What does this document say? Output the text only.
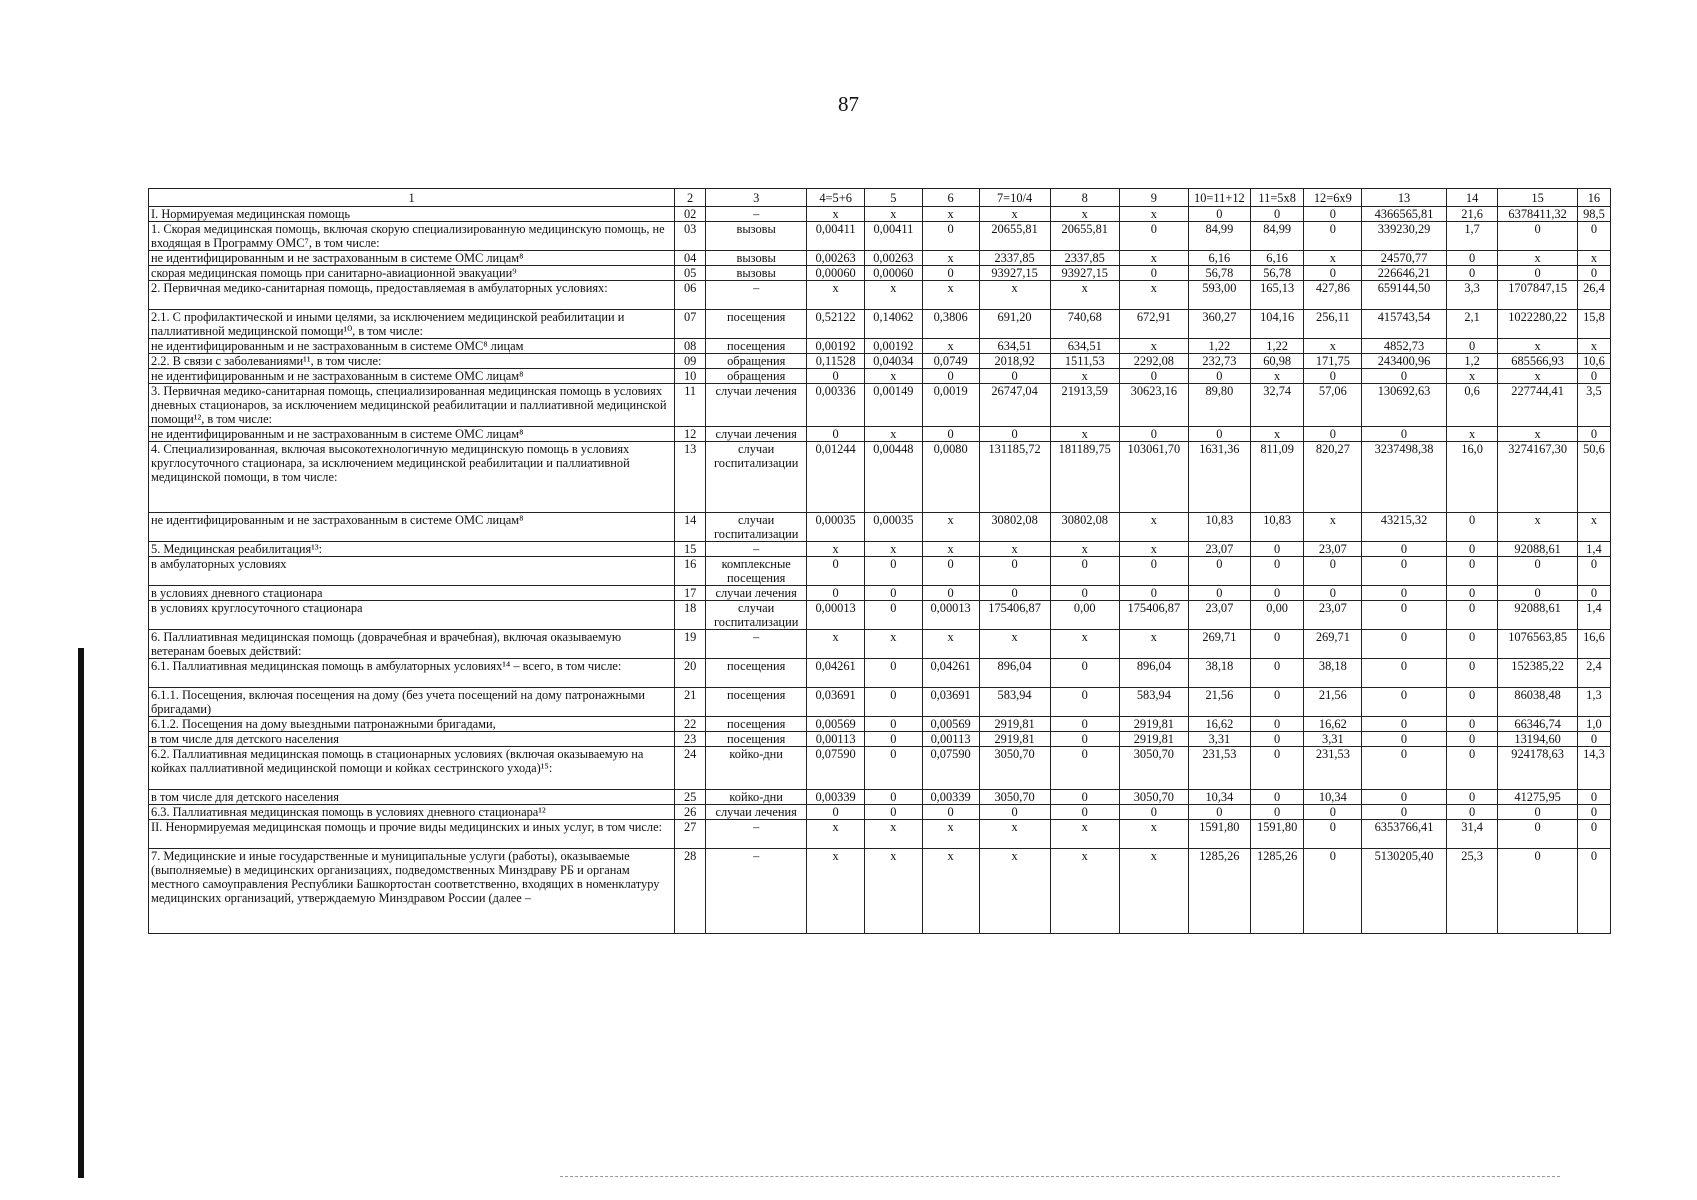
87
1	2	3	4=5+6	5	6	7=10/4	8	9	10=11+12	11=5x8	12=6x9	13	14	15	16
I. Нормируемая медицинская помощь	02	–	x	x	x	x	x	x	0	0	0	4366565,81	21,6	6378411,32	98,5
1. Скорая медицинская помощь, включая скорую специализированную медицинскую помощь, не входящая в Программу ОМС⁷, в том числе:	03	вызовы	0,00411	0,00411	0	20655,81	20655,81	0	84,99	84,99	0	339230,29	1,7	0	0
не идентифицированным и не застрахованным в системе ОМС лицам⁸	04	вызовы	0,00263	0,00263	x	2337,85	2337,85	x	6,16	6,16	x	24570,77	0	x	x
скорая медицинская помощь при санитарно-авиационной эвакуации⁹	05	вызовы	0,00060	0,00060	0	93927,15	93927,15	0	56,78	56,78	0	226646,21	0	0	0
2. Первичная медико-санитарная помощь, предоставляемая в амбулаторных условиях:	06	–	x	x	x	x	x	x	593,00	165,13	427,86	659144,50	3,3	1707847,15	26,4
2.1. С профилактической и иными целями, за исключением медицинской реабилитации и паллиативной медицинской помощи¹⁰, в том числе:	07	посещения	0,52122	0,14062	0,3806	691,20	740,68	672,91	360,27	104,16	256,11	415743,54	2,1	1022280,22	15,8
не идентифицированным и не застрахованным в системе ОМС⁸ лицам	08	посещения	0,00192	0,00192	x	634,51	634,51	x	1,22	1,22	x	4852,73	0	x	x
2.2. В связи с заболеваниями¹¹, в том числе:	09	обращения	0,11528	0,04034	0,0749	2018,92	1511,53	2292,08	232,73	60,98	171,75	243400,96	1,2	685566,93	10,6
не идентифицированным и не застрахованным в системе ОМС лицам⁸	10	обращения	0	x	0	0	x	0	0	x	0	0	x	x	0
3. Первичная медико-санитарная помощь, специализированная медицинская помощь в условиях дневных стационаров, за исключением медицинской реабилитации и паллиативной медицинской помощи¹², в том числе:	11	случаи лечения	0,00336	0,00149	0,0019	26747,04	21913,59	30623,16	89,80	32,74	57,06	130692,63	0,6	227744,41	3,5
не идентифицированным и не застрахованным в системе ОМС лицам⁸	12	случаи лечения	0	x	0	0	x	0	0	x	0	0	x	x	0
4. Специализированная, включая высокотехнологичную медицинскую помощь в условиях круглосуточного стационара, за исключением медицинской реабилитации и паллиативной медицинской помощи, в том числе:	13	случаи госпитализации	0,01244	0,00448	0,0080	131185,72	181189,75	103061,70	1631,36	811,09	820,27	3237498,38	16,0	3274167,30	50,6
не идентифицированным и не застрахованным в системе ОМС лицам⁸	14	случаи госпитализации	0,00035	0,00035	x	30802,08	30802,08	x	10,83	10,83	x	43215,32	0	x	x
5. Медицинская реабилитация¹³:	15	–	x	x	x	x	x	x	23,07	0	23,07	0	0	92088,61	1,4
в амбулаторных условиях	16	комплексные посещения	0	0	0	0	0	0	0	0	0	0	0	0	0
в условиях дневного стационара	17	случаи лечения	0	0	0	0	0	0	0	0	0	0	0	0	0
в условиях круглосуточного стационара	18	случаи госпитализации	0,00013	0	0,00013	175406,87	0,00	175406,87	23,07	0,00	23,07	0	0	92088,61	1,4
6. Паллиативная медицинская помощь (доврачебная и врачебная), включая оказываемую ветеранам боевых действий:	19	–	x	x	x	x	x	x	269,71	0	269,71	0	0	1076563,85	16,6
6.1. Паллиативная медицинская помощь в амбулаторных условиях¹⁴ – всего, в том числе:	20	посещения	0,04261	0	0,04261	896,04	0	896,04	38,18	0	38,18	0	0	152385,22	2,4
6.1.1. Посещения, включая посещения на дому (без учета посещений на дому патронажными бригадами)	21	посещения	0,03691	0	0,03691	583,94	0	583,94	21,56	0	21,56	0	0	86038,48	1,3
6.1.2. Посещения на дому выездными патронажными бригадами,	22	посещения	0,00569	0	0,00569	2919,81	0	2919,81	16,62	0	16,62	0	0	66346,74	1,0
в том числе для детского населения	23	посещения	0,00113	0	0,00113	2919,81	0	2919,81	3,31	0	3,31	0	0	13194,60	0
6.2. Паллиативная медицинская помощь в стационарных условиях (включая оказываемую на койках паллиативной медицинской помощи и койках сестринского ухода)¹⁵:	24	койко-дни	0,07590	0	0,07590	3050,70	0	3050,70	231,53	0	231,53	0	0	924178,63	14,3
в том числе для детского населения	25	койко-дни	0,00339	0	0,00339	3050,70	0	3050,70	10,34	0	10,34	0	0	41275,95	0
6.3. Паллиативная медицинская помощь в условиях дневного стационара¹²	26	случаи лечения	0	0	0	0	0	0	0	0	0	0	0	0	0
II. Ненормируемая медицинская помощь и прочие виды медицинских и иных услуг, в том числе:	27	–	x	x	x	x	x	x	1591,80	1591,80	0	6353766,41	31,4	0	0
7. Медицинские и иные государственные и муниципальные услуги (работы), оказываемые (выполняемые) в медицинских организациях, подведомственных Минздраву РБ и органам местного самоуправления Республики Башкортостан соответственно, входящих в номенклатуру медицинских организаций, утверждаемую Минздравом России (далее –	28	–	x	x	x	x	x	x	1285,26	1285,26	0	5130205,40	25,3	0	0
